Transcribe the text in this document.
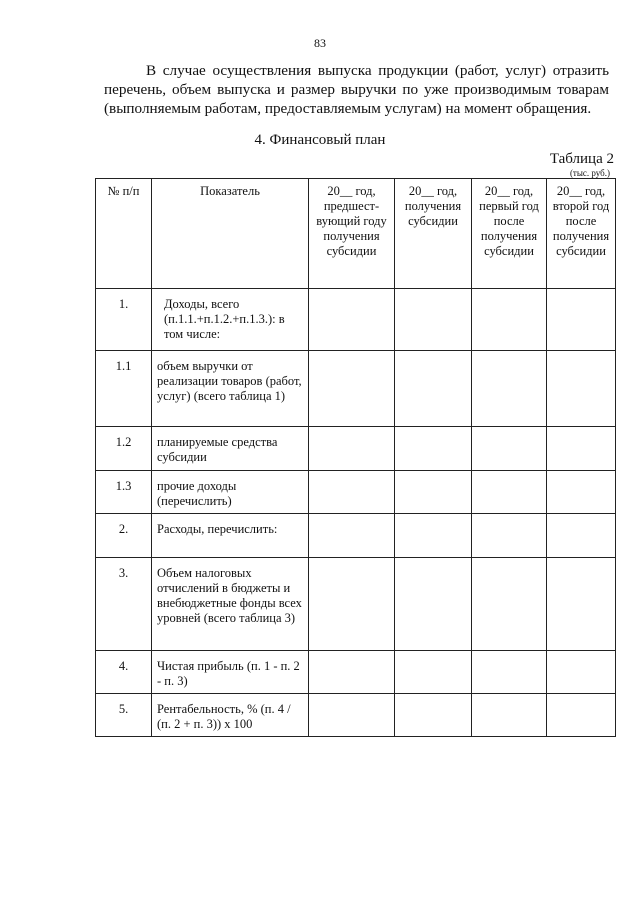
83
В случае осуществления выпуска продукции (работ, услуг) отразить
перечень, объем выпуска и размер выручки по уже производимым товарам
(выполняемым работам, предоставляемым услугам) на момент обращения.
4. Финансовый план
Таблица 2
(тыс. руб.)
№ п/п	Показатель	20__ год, предшест-вующий году получения субсидии	20__ год, получения субсидии	20__ год, первый год после получения субсидии	20__ год, второй год после получения субсидии
1.	Доходы, всего (п.1.1.+п.1.2.+п.1.3.): в том числе:				
1.1	объем выручки от реализации товаров (работ, услуг) (всего таблица 1)				
1.2	планируемые средства субсидии				
1.3	прочие доходы (перечислить)				
2.	Расходы, перечислить:				
3.	Объем налоговых отчислений в бюджеты и внебюджетные фонды всех уровней (всего таблица 3)				
4.	Чистая прибыль (п. 1 - п. 2 - п. 3)				
5.	Рентабельность, % (п. 4 / (п. 2 + п. 3)) x 100				
